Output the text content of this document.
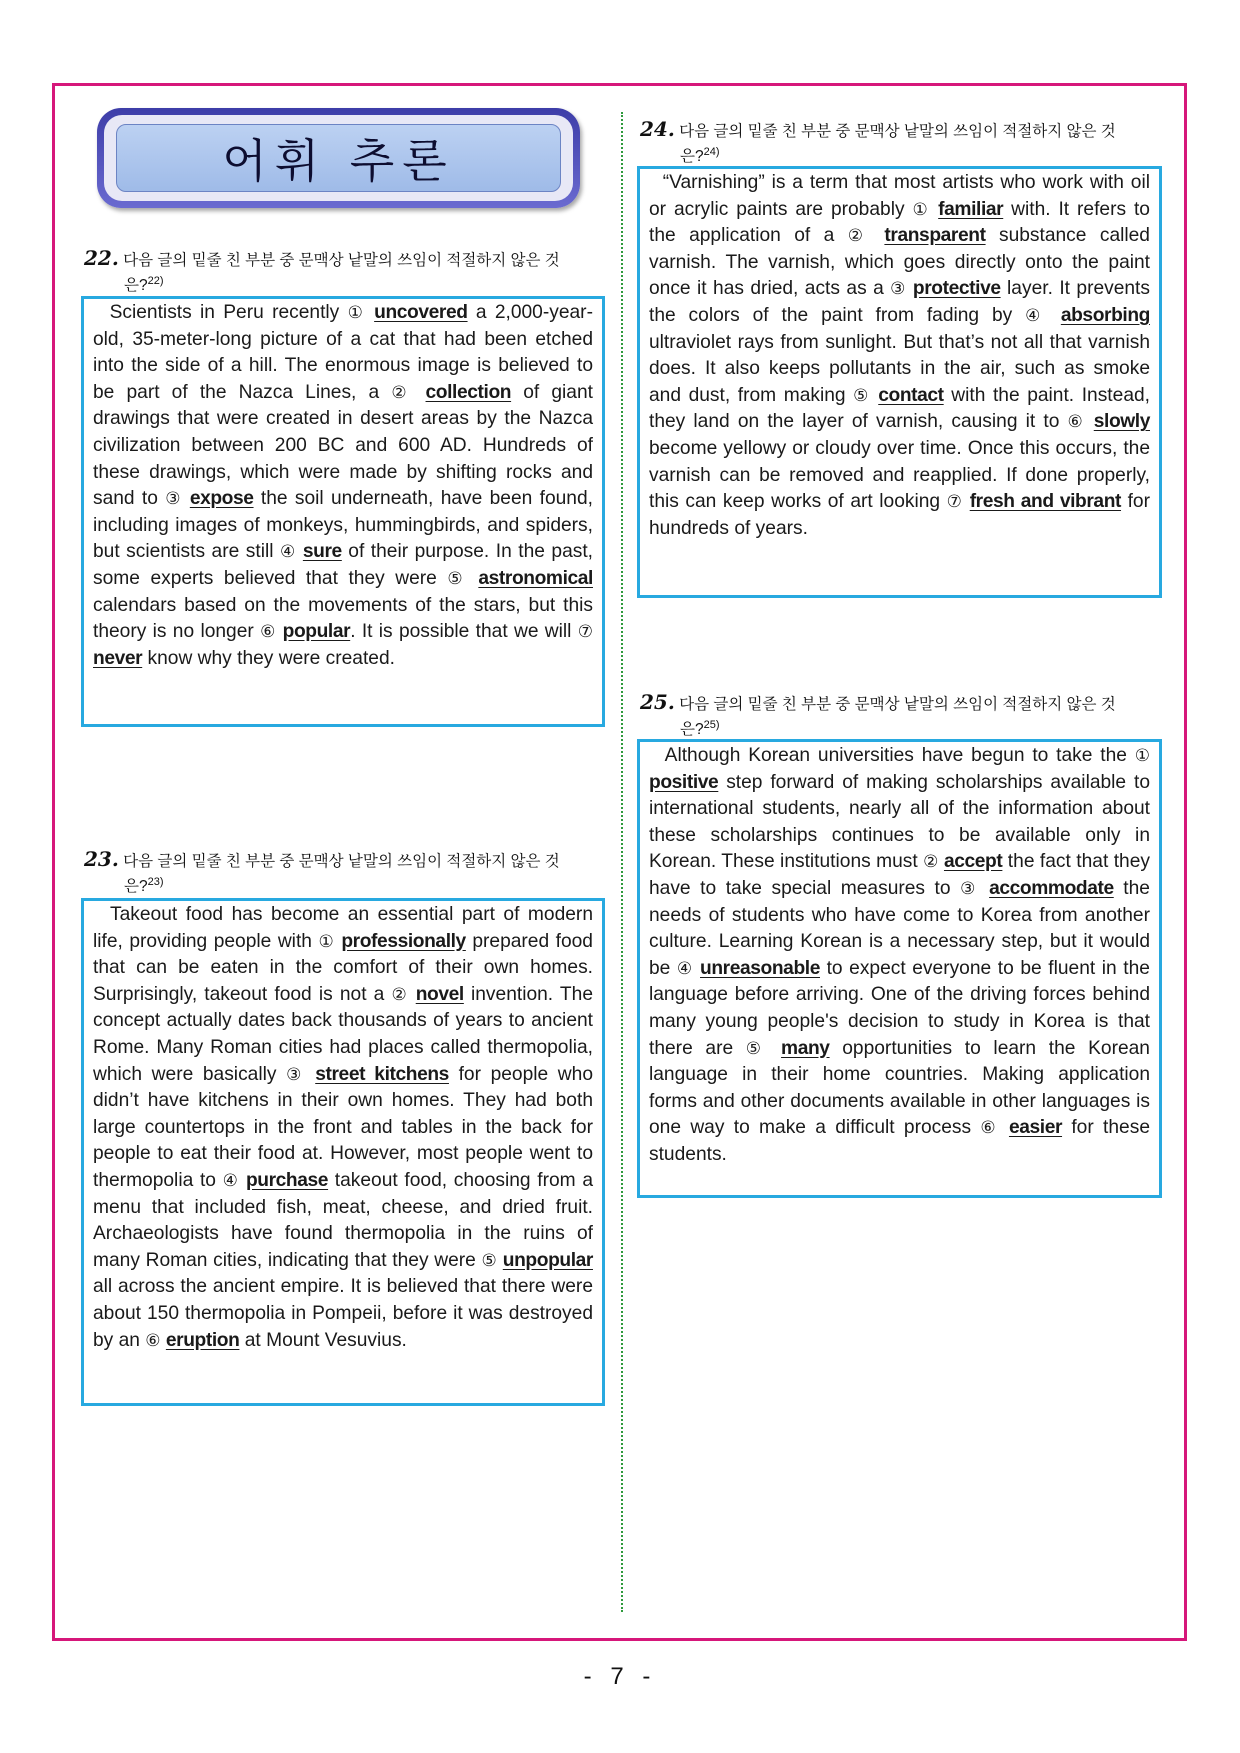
어휘 추론
22. 다음 글의 밑줄 친 부분 중 문맥상 낱말의 쓰임이 적절하지 않은 것
은?$^{22)}$
Scientists in Peru recently ① uncovered a 2,000-year-old, 35-meter-long picture of a cat that had been etched into the side of a hill. The enormous image is believed to be part of the Nazca Lines, a ② collection of giant drawings that were created in desert areas by the Nazca civilization between 200 BC and 600 AD. Hundreds of these drawings, which were made by shifting rocks and sand to ③ expose the soil underneath, have been found, including images of monkeys, hummingbirds, and spiders, but scientists are still ④ sure of their purpose. In the past, some experts believed that they were ⑤ astronomical calendars based on the movements of the stars, but this theory is no longer ⑥ popular. It is possible that we will ⑦ never know why they were created.
23. 다음 글의 밑줄 친 부분 중 문맥상 낱말의 쓰임이 적절하지 않은 것
은?$^{23)}$
Takeout food has become an essential part of modern life, providing people with ① professionally prepared food that can be eaten in the comfort of their own homes. Surprisingly, takeout food is not a ② novel invention. The concept actually dates back thousands of years to ancient Rome. Many Roman cities had places called thermopolia, which were basically ③ street kitchens for people who didn’t have kitchens in their own homes. They had both large countertops in the front and tables in the back for people to eat their food at. However, most people went to thermopolia to ④ purchase takeout food, choosing from a menu that included fish, meat, cheese, and dried fruit. Archaeologists have found thermopolia in the ruins of many Roman cities, indicating that they were ⑤ unpopular all across the ancient empire. It is believed that there were about 150 thermopolia in Pompeii, before it was destroyed by an ⑥ eruption at Mount Vesuvius.
24. 다음 글의 밑줄 친 부분 중 문맥상 낱말의 쓰임이 적절하지 않은 것
은?$^{24)}$
“Varnishing” is a term that most artists who work with oil or acrylic paints are probably ① familiar with. It refers to the application of a ② transparent substance called varnish. The varnish, which goes directly onto the paint once it has dried, acts as a ③ protective layer. It prevents the colors of the paint from fading by ④ absorbing ultraviolet rays from sunlight. But that’s not all that varnish does. It also keeps pollutants in the air, such as smoke and dust, from making ⑤ contact with the paint. Instead, they land on the layer of varnish, causing it to ⑥ slowly become yellowy or cloudy over time. Once this occurs, the varnish can be removed and reapplied. If done properly, this can keep works of art looking ⑦ fresh and vibrant for hundreds of years.
25. 다음 글의 밑줄 친 부분 중 문맥상 낱말의 쓰임이 적절하지 않은 것
은?$^{25)}$
Although Korean universities have begun to take the ① positive step forward of making scholarships available to international students, nearly all of the information about these scholarships continues to be available only in Korean. These institutions must ② accept the fact that they have to take special measures to ③ accommodate the needs of students who have come to Korea from another culture. Learning Korean is a necessary step, but it would be ④ unreasonable to expect everyone to be fluent in the language before arriving. One of the driving forces behind many young people's decision to study in Korea is that there are ⑤ many opportunities to learn the Korean language in their home countries. Making application forms and other documents available in other languages is one way to make a difficult process ⑥ easier for these students.
- 7 -
